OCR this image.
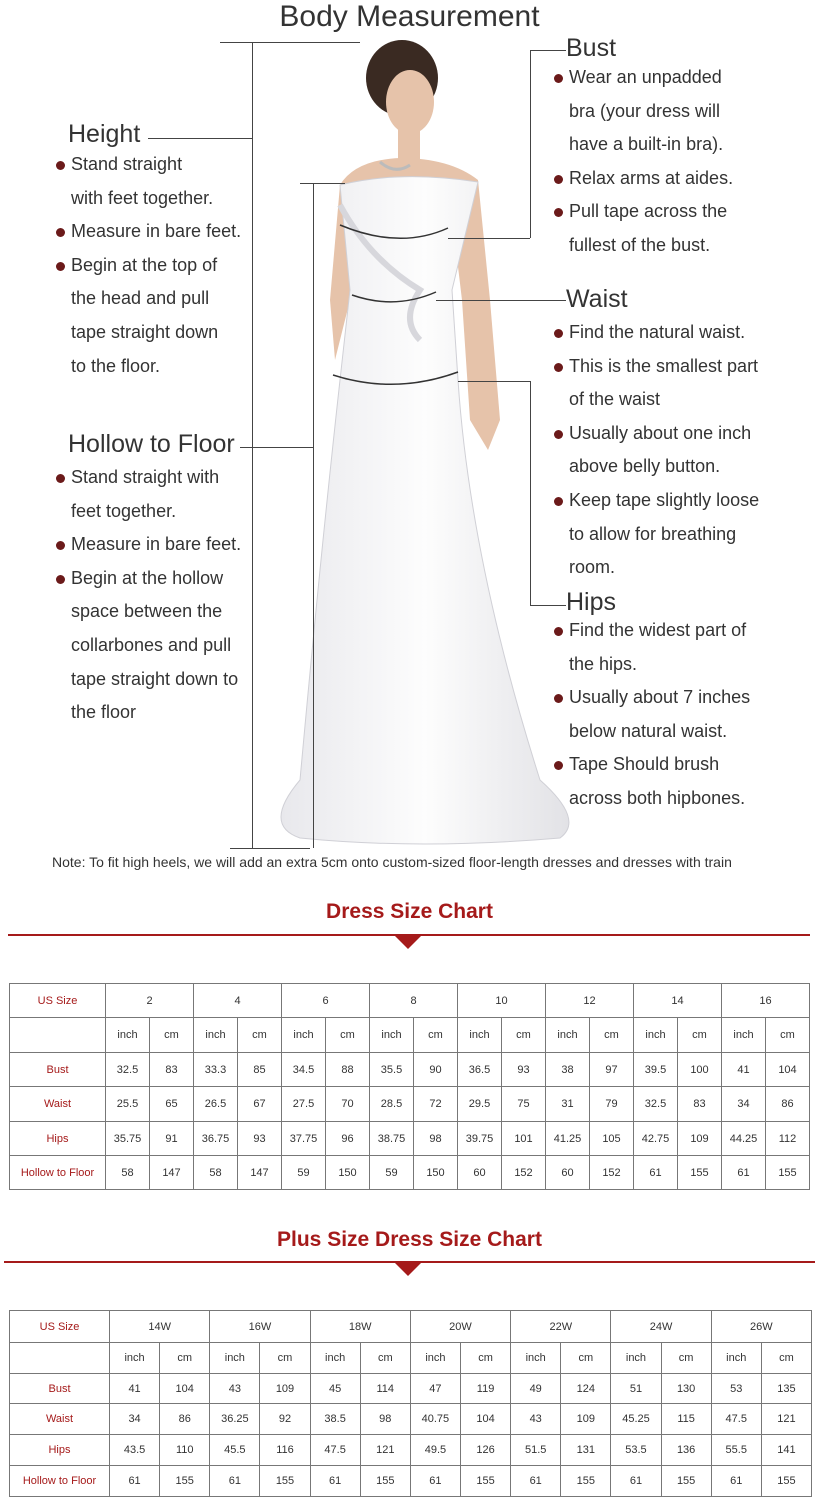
Body Measurement
Height
Stand straight
with feet together.
Measure in bare feet.
Begin at the top of
the head and pull
tape straight down
to the floor.
Hollow to Floor
Stand straight with
feet together.
Measure in bare feet.
Begin at the hollow
space between the
collarbones and pull
tape straight down to
the floor
Bust
Wear an unpadded
bra (your dress will
have a built-in bra).
Relax arms at aides.
Pull tape across the
fullest of the bust.
Waist
Find the natural waist.
This is the smallest part
of the waist
Usually about one inch
above belly button.
Keep tape slightly loose
to allow for breathing
room.
Hips
Find the widest part of
the hips.
Usually about 7 inches
below natural waist.
Tape Should brush
across both hipbones.
Note: To fit high heels, we will add an extra 5cm onto custom-sized floor-length dresses and dresses with train
Dress Size Chart
US Size	2		4		6		8		10		12		14		16	
	inch	cm	inch	cm	inch	cm	inch	cm	inch	cm	inch	cm	inch	cm	inch	cm
Bust	32.5	83	33.3	85	34.5	88	35.5	90	36.5	93	38	97	39.5	100	41	104
Waist	25.5	65	26.5	67	27.5	70	28.5	72	29.5	75	31	79	32.5	83	34	86
Hips	35.75	91	36.75	93	37.75	96	38.75	98	39.75	101	41.25	105	42.75	109	44.25	112
Hollow to Floor	58	147	58	147	59	150	59	150	60	152	60	152	61	155	61	155
Plus Size Dress Size Chart
US Size	14W		16W		18W		20W		22W		24W		26W	
	inch	cm	inch	cm	inch	cm	inch	cm	inch	cm	inch	cm	inch	cm
Bust	41	104	43	109	45	114	47	119	49	124	51	130	53	135
Waist	34	86	36.25	92	38.5	98	40.75	104	43	109	45.25	115	47.5	121
Hips	43.5	110	45.5	116	47.5	121	49.5	126	51.5	131	53.5	136	55.5	141
Hollow to Floor	61	155	61	155	61	155	61	155	61	155	61	155	61	155
